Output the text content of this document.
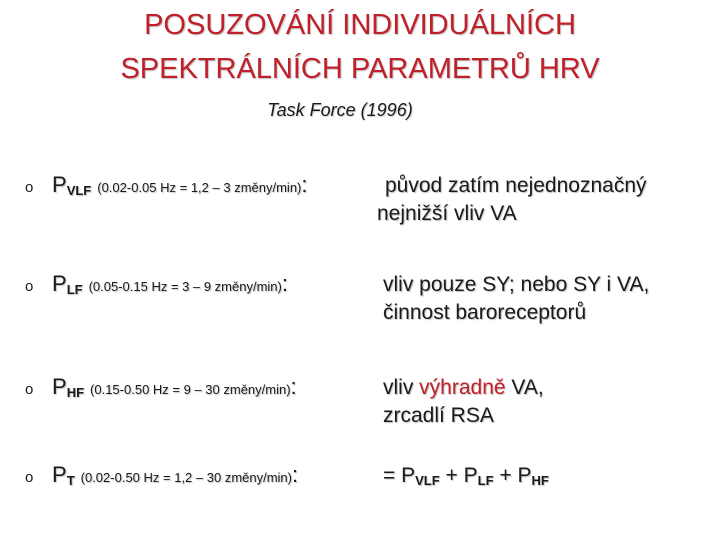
POSUZOVÁNÍ INDIVIDUÁLNÍCH
SPEKTRÁLNÍCH PARAMETRŮ HRV
Task Force (1996)
o $P_{VLF}$ (0.02-0.05 Hz = 1,2 – 3 změny/min):	původ zatím nejednoznačný
nejnižší vliv VA
o $P_{LF}$ (0.05-0.15 Hz = 3 – 9 změny/min):	vliv pouze SY; nebo SY i VA,
činnost baroreceptorů
o $P_{HF}$ (0.15-0.50 Hz = 9 – 30 změny/min):	vliv výhradně VA,
zrcadlí RSA
o $P_T$ (0.02-0.50 Hz = 1,2 – 30 změny/min):	= $P_{VLF} + P_{LF} + P_{HF}$
